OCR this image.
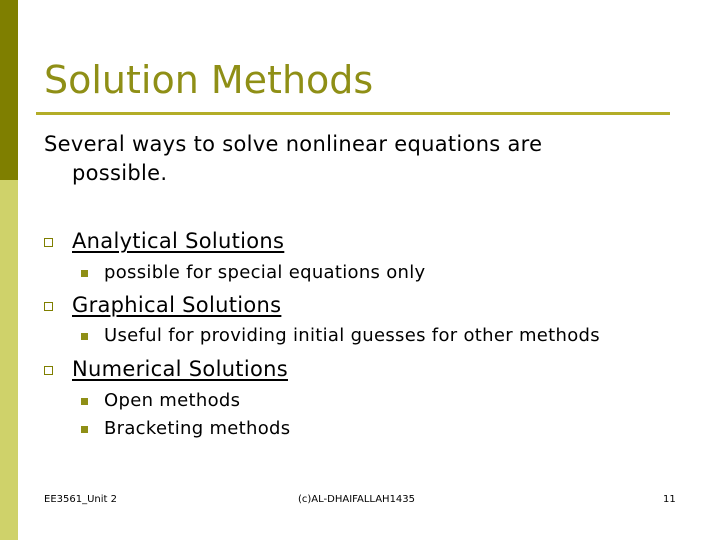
Solution Methods
Several ways to solve nonlinear equations are
possible.
Analytical Solutions
possible for special equations only
Graphical Solutions
Useful for providing initial guesses for other methods
Numerical Solutions
Open methods
Bracketing methods
EE3561_Unit 2	(c)AL-DHAIFALLAH1435	11
